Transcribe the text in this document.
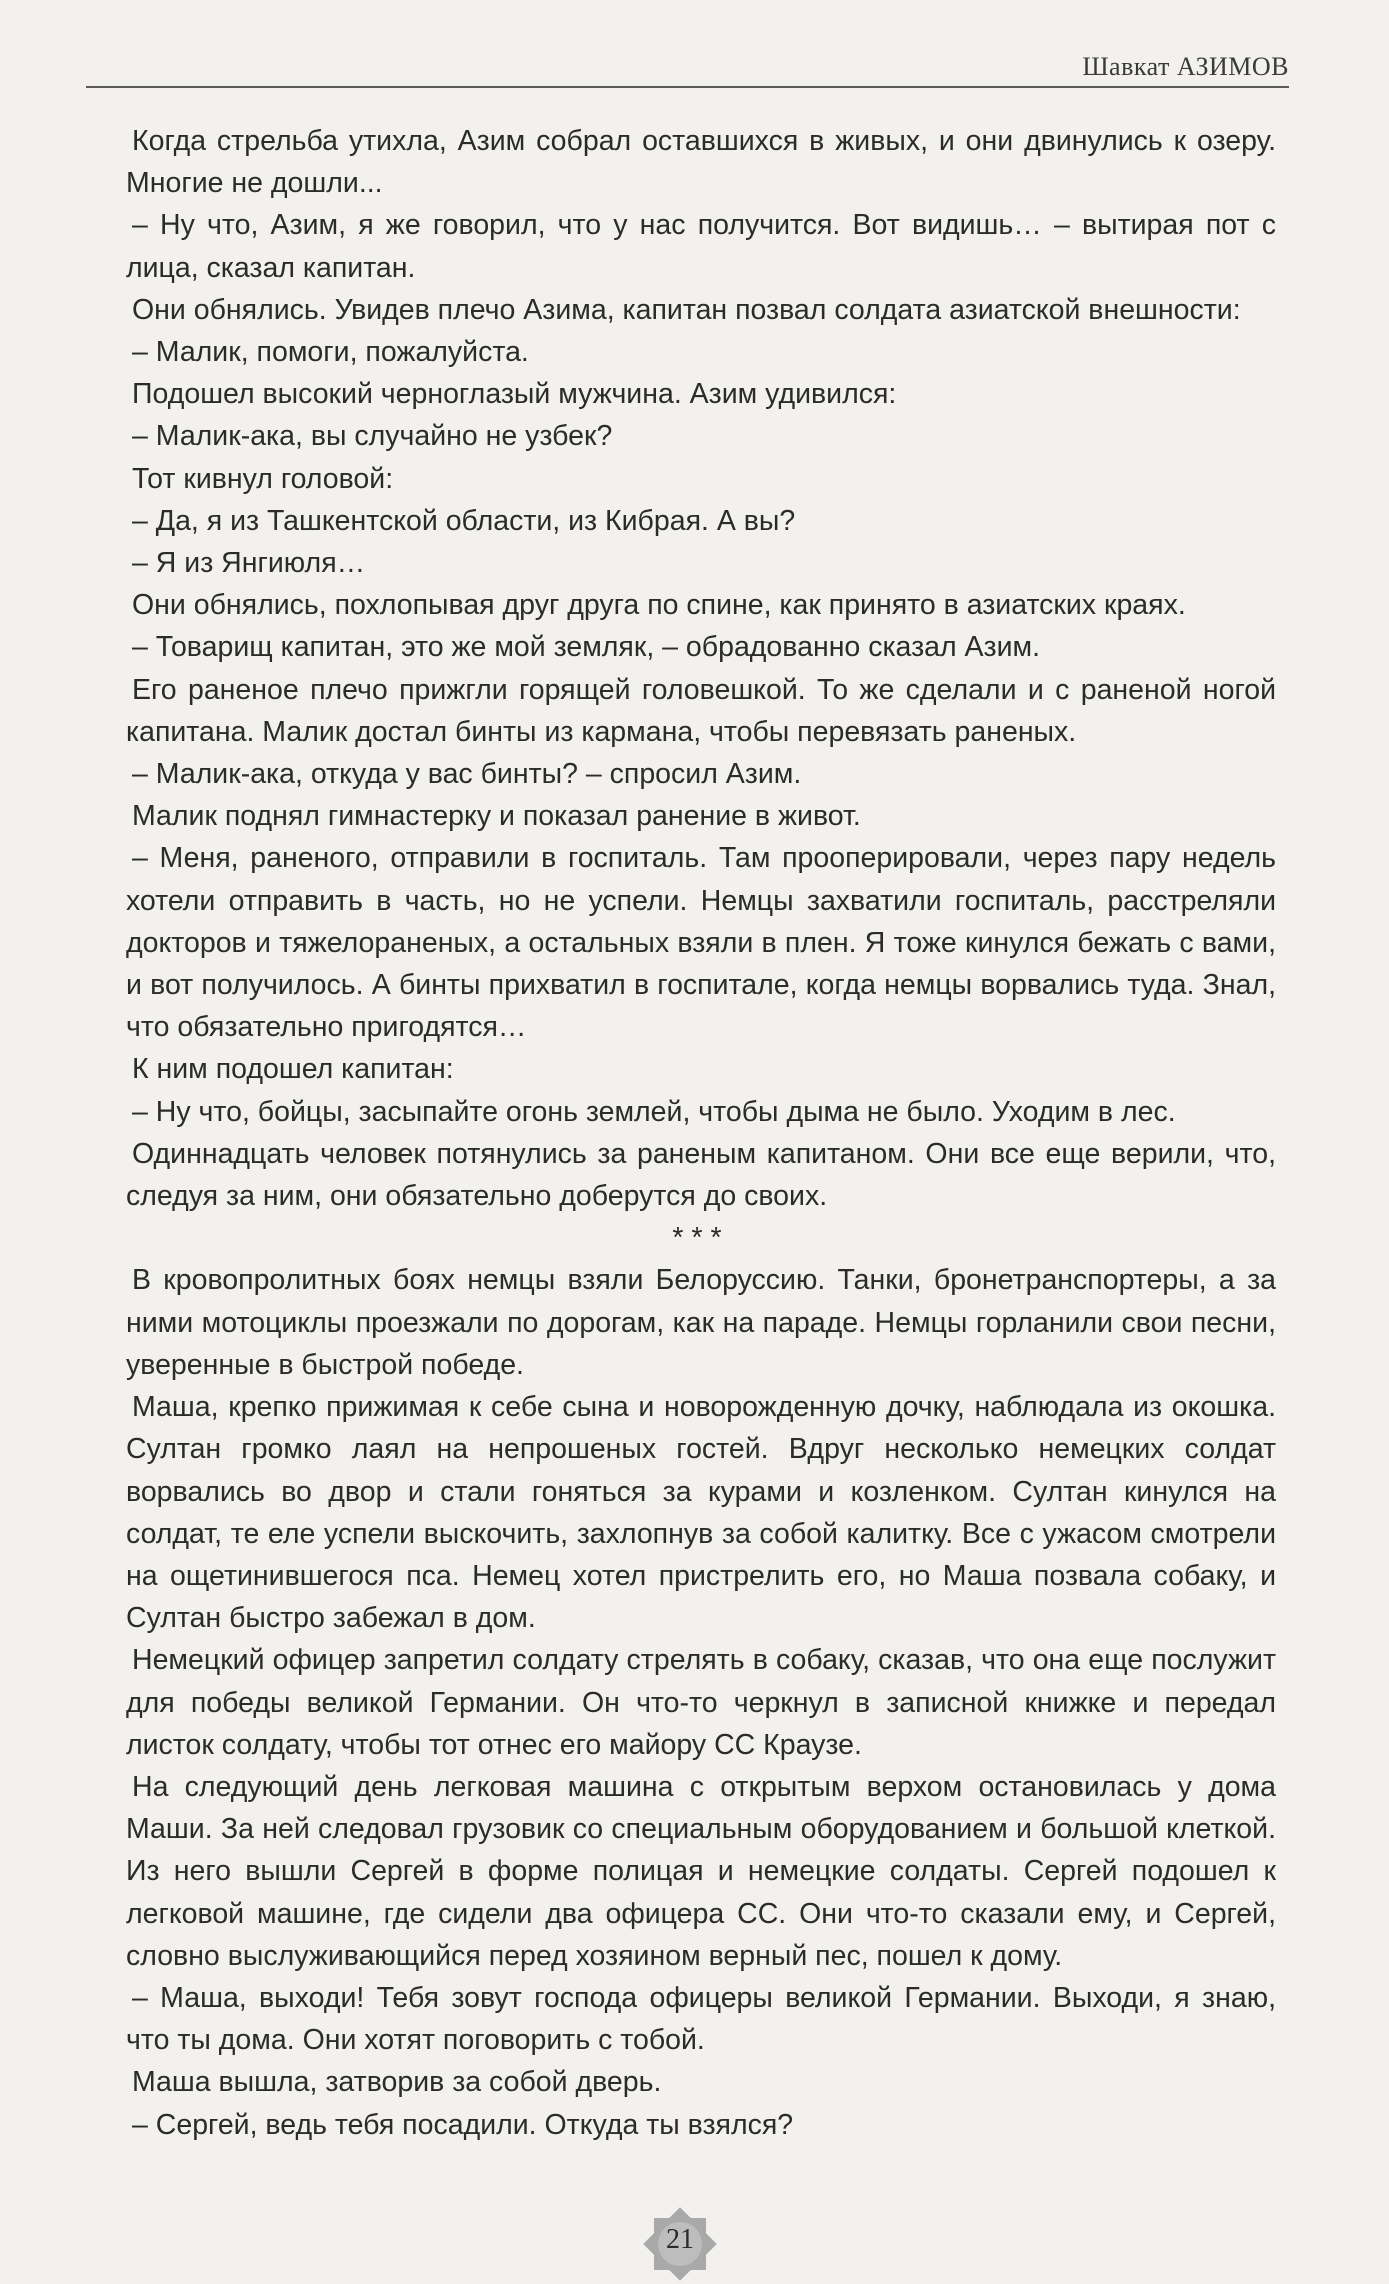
Шавкат АЗИМОВ

Когда стрельба утихла, Азим собрал оставшихся в живых, и они двинулись к озеру. Многие не дошли...

– Ну что, Азим, я же говорил, что у нас получится. Вот видишь… – вытирая пот с лица, сказал капитан.

Они обнялись. Увидев плечо Азима, капитан позвал солдата азиатской внешности:

– Малик, помоги, пожалуйста.

Подошел высокий черноглазый мужчина. Азим удивился:

– Малик-ака, вы случайно не узбек?

Тот кивнул головой:

– Да, я из Ташкентской области, из Кибрая. А вы?

– Я из Янгиюля…

Они обнялись, похлопывая друг друга по спине, как принято в азиатских краях.

– Товарищ капитан, это же мой земляк, – обрадованно сказал Азим.

Его раненое плечо прижгли горящей головешкой. То же сделали и с раненой ногой капитана. Малик достал бинты из кармана, чтобы перевязать раненых.

– Малик-ака, откуда у вас бинты? – спросил Азим.

Малик поднял гимнастерку и показал ранение в живот.

– Меня, раненого, отправили в госпиталь. Там прооперировали, через пару недель хотели отправить в часть, но не успели. Немцы захватили госпиталь, расстреляли докторов и тяжелораненых, а остальных взяли в плен. Я тоже кинулся бежать с вами, и вот получилось. А бинты прихватил в госпитале, когда немцы ворвались туда. Знал, что обязательно пригодятся…

К ним подошел капитан:

– Ну что, бойцы, засыпайте огонь землей, чтобы дыма не было. Уходим в лес.

Одиннадцать человек потянулись за раненым капитаном. Они все еще верили, что, следуя за ним, они обязательно доберутся до своих.

***

В кровопролитных боях немцы взяли Белоруссию. Танки, бронетранспортеры, а за ними мотоциклы проезжали по дорогам, как на параде. Немцы горланили свои песни, уверенные в быстрой победе.

Маша, крепко прижимая к себе сына и новорожденную дочку, наблюдала из окошка. Султан громко лаял на непрошеных гостей. Вдруг несколько немецких солдат ворвались во двор и стали гоняться за курами и козленком. Султан кинулся на солдат, те еле успели выскочить, захлопнув за собой калитку. Все с ужасом смотрели на ощетинившегося пса. Немец хотел пристрелить его, но Маша позвала собаку, и Султан быстро забежал в дом.

Немецкий офицер запретил солдату стрелять в собаку, сказав, что она еще послужит для победы великой Германии. Он что-то черкнул в записной книжке и передал листок солдату, чтобы тот отнес его майору СС Краузе.

На следующий день легковая машина с открытым верхом остановилась у дома Маши. За ней следовал грузовик со специальным оборудованием и большой клеткой. Из него вышли Сергей в форме полицая и немецкие солдаты. Сергей подошел к легковой машине, где сидели два офицера СС. Они что-то сказали ему, и Сергей, словно выслуживающийся перед хозяином верный пес, пошел к дому.

– Маша, выходи! Тебя зовут господа офицеры великой Германии. Выходи, я знаю, что ты дома. Они хотят поговорить с тобой.

Маша вышла, затворив за собой дверь.

– Сергей, ведь тебя посадили. Откуда ты взялся?

21
